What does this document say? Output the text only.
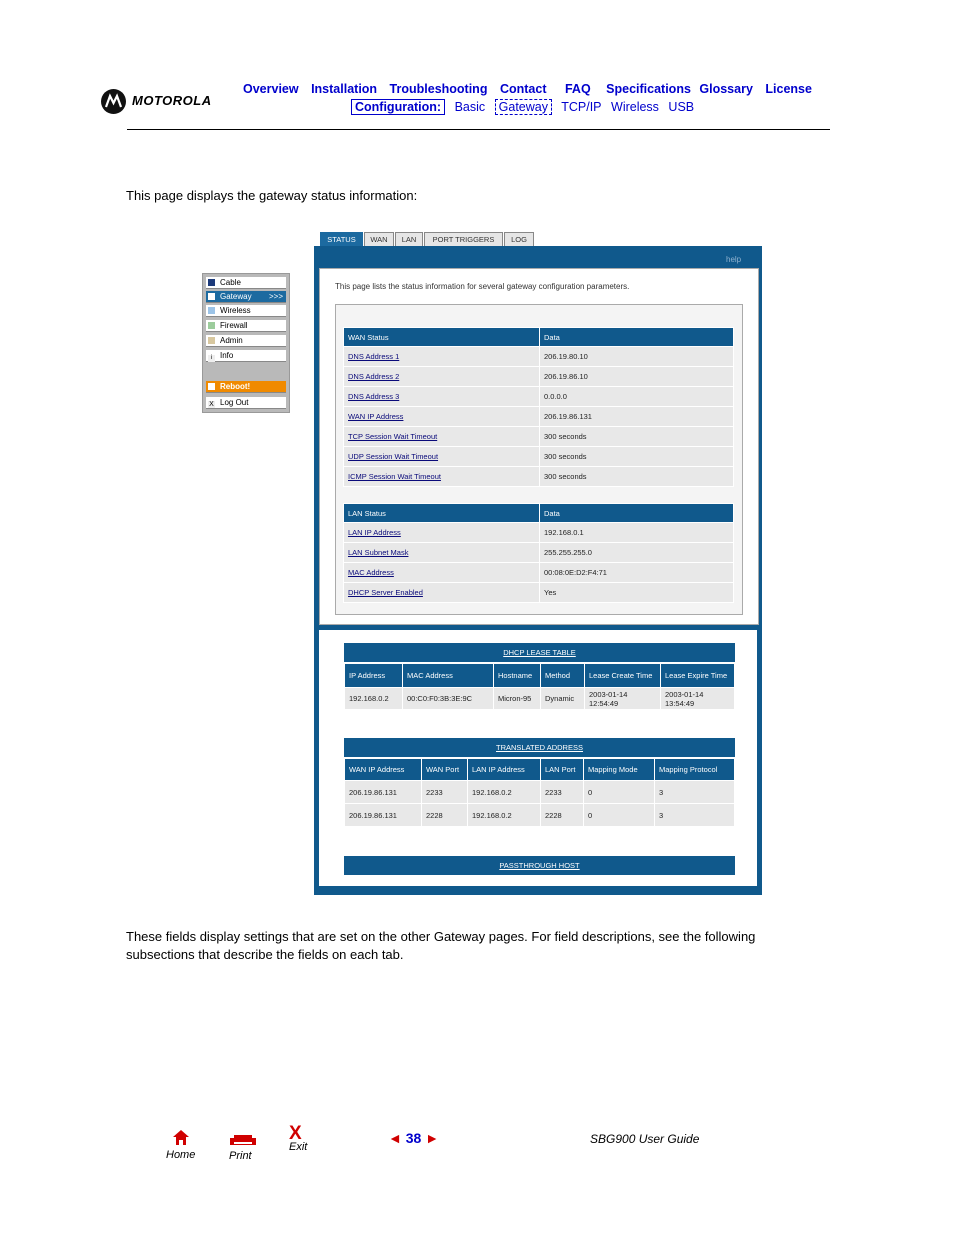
MOTOROLA
Overview Installation Troubleshooting Contact FAQ Specifications Glossary License
Configuration: Basic Gateway TCP/IP Wireless USB
This page displays the gateway status information:
Cable
Gateway >>>
Wireless
Firewall
Admin
i Info
Reboot!
X Log Out
STATUS	WAN	LAN	PORT TRIGGERS	LOG
help
This page lists the status information for several gateway configuration parameters.
WAN Status	Data
DNS Address 1	206.19.80.10
DNS Address 2	206.19.86.10
DNS Address 3	0.0.0.0
WAN IP Address	206.19.86.131
TCP Session Wait Timeout	300 seconds
UDP Session Wait Timeout	300 seconds
ICMP Session Wait Timeout	300 seconds
LAN Status	Data
LAN IP Address	192.168.0.1
LAN Subnet Mask	255.255.255.0
MAC Address	00:08:0E:D2:F4:71
DHCP Server Enabled	Yes
DHCP LEASE TABLE
IP Address	MAC Address	Hostname	Method	Lease Create Time	Lease Expire Time
192.168.0.2	00:C0:F0:3B:3E:9C	Micron-95	Dynamic	2003-01-14 12:54:49	2003-01-14 13:54:49
TRANSLATED ADDRESS
WAN IP Address	WAN Port	LAN IP Address	LAN Port	Mapping Mode	Mapping Protocol
206.19.86.131	2233	192.168.0.2	2233	0	3
206.19.86.131	2228	192.168.0.2	2228	0	3
PASSTHROUGH HOST
These fields display settings that are set on the other Gateway pages. For field descriptions, see the following subsections that describe the fields on each tab.
Home	Print
X
Exit
◄ 38 ►	SBG900 User Guide
